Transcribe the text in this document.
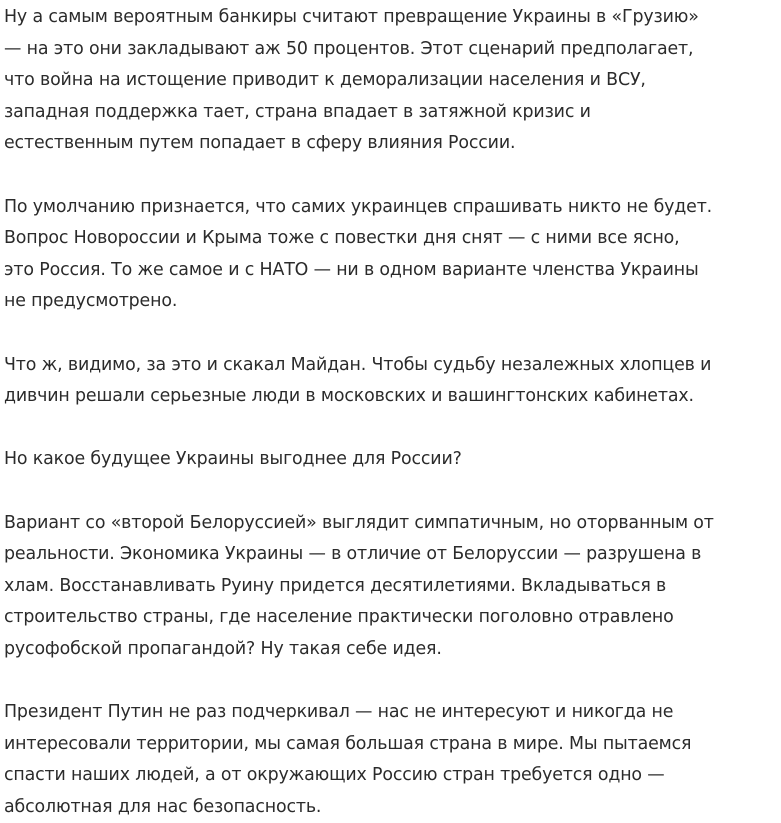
Ну а самым вероятным банкиры считают превращение Украины в «Грузию»
— на это они закладывают аж 50 процентов. Этот сценарий предполагает,
что война на истощение приводит к деморализации населения и ВСУ,
западная поддержка тает, страна впадает в затяжной кризис и
естественным путем попадает в сферу влияния России.
По умолчанию признается, что самих украинцев спрашивать никто не будет.
Вопрос Новороссии и Крыма тоже с повестки дня снят — с ними все ясно,
это Россия. То же самое и с НАТО — ни в одном варианте членства Украины
не предусмотрено.
Что ж, видимо, за это и скакал Майдан. Чтобы судьбу незалежных хлопцев и
дивчин решали серьезные люди в московских и вашингтонских кабинетах.
Но какое будущее Украины выгоднее для России?
Вариант со «второй Белоруссией» выглядит симпатичным, но оторванным от
реальности. Экономика Украины — в отличие от Белоруссии — разрушена в
хлам. Восстанавливать Руину придется десятилетиями. Вкладываться в
строительство страны, где население практически поголовно отравлено
русофобской пропагандой? Ну такая себе идея.
Президент Путин не раз подчеркивал — нас не интересуют и никогда не
интересовали территории, мы самая большая страна в мире. Мы пытаемся
спасти наших людей, а от окружающих Россию стран требуется одно —
абсолютная для нас безопасность.
